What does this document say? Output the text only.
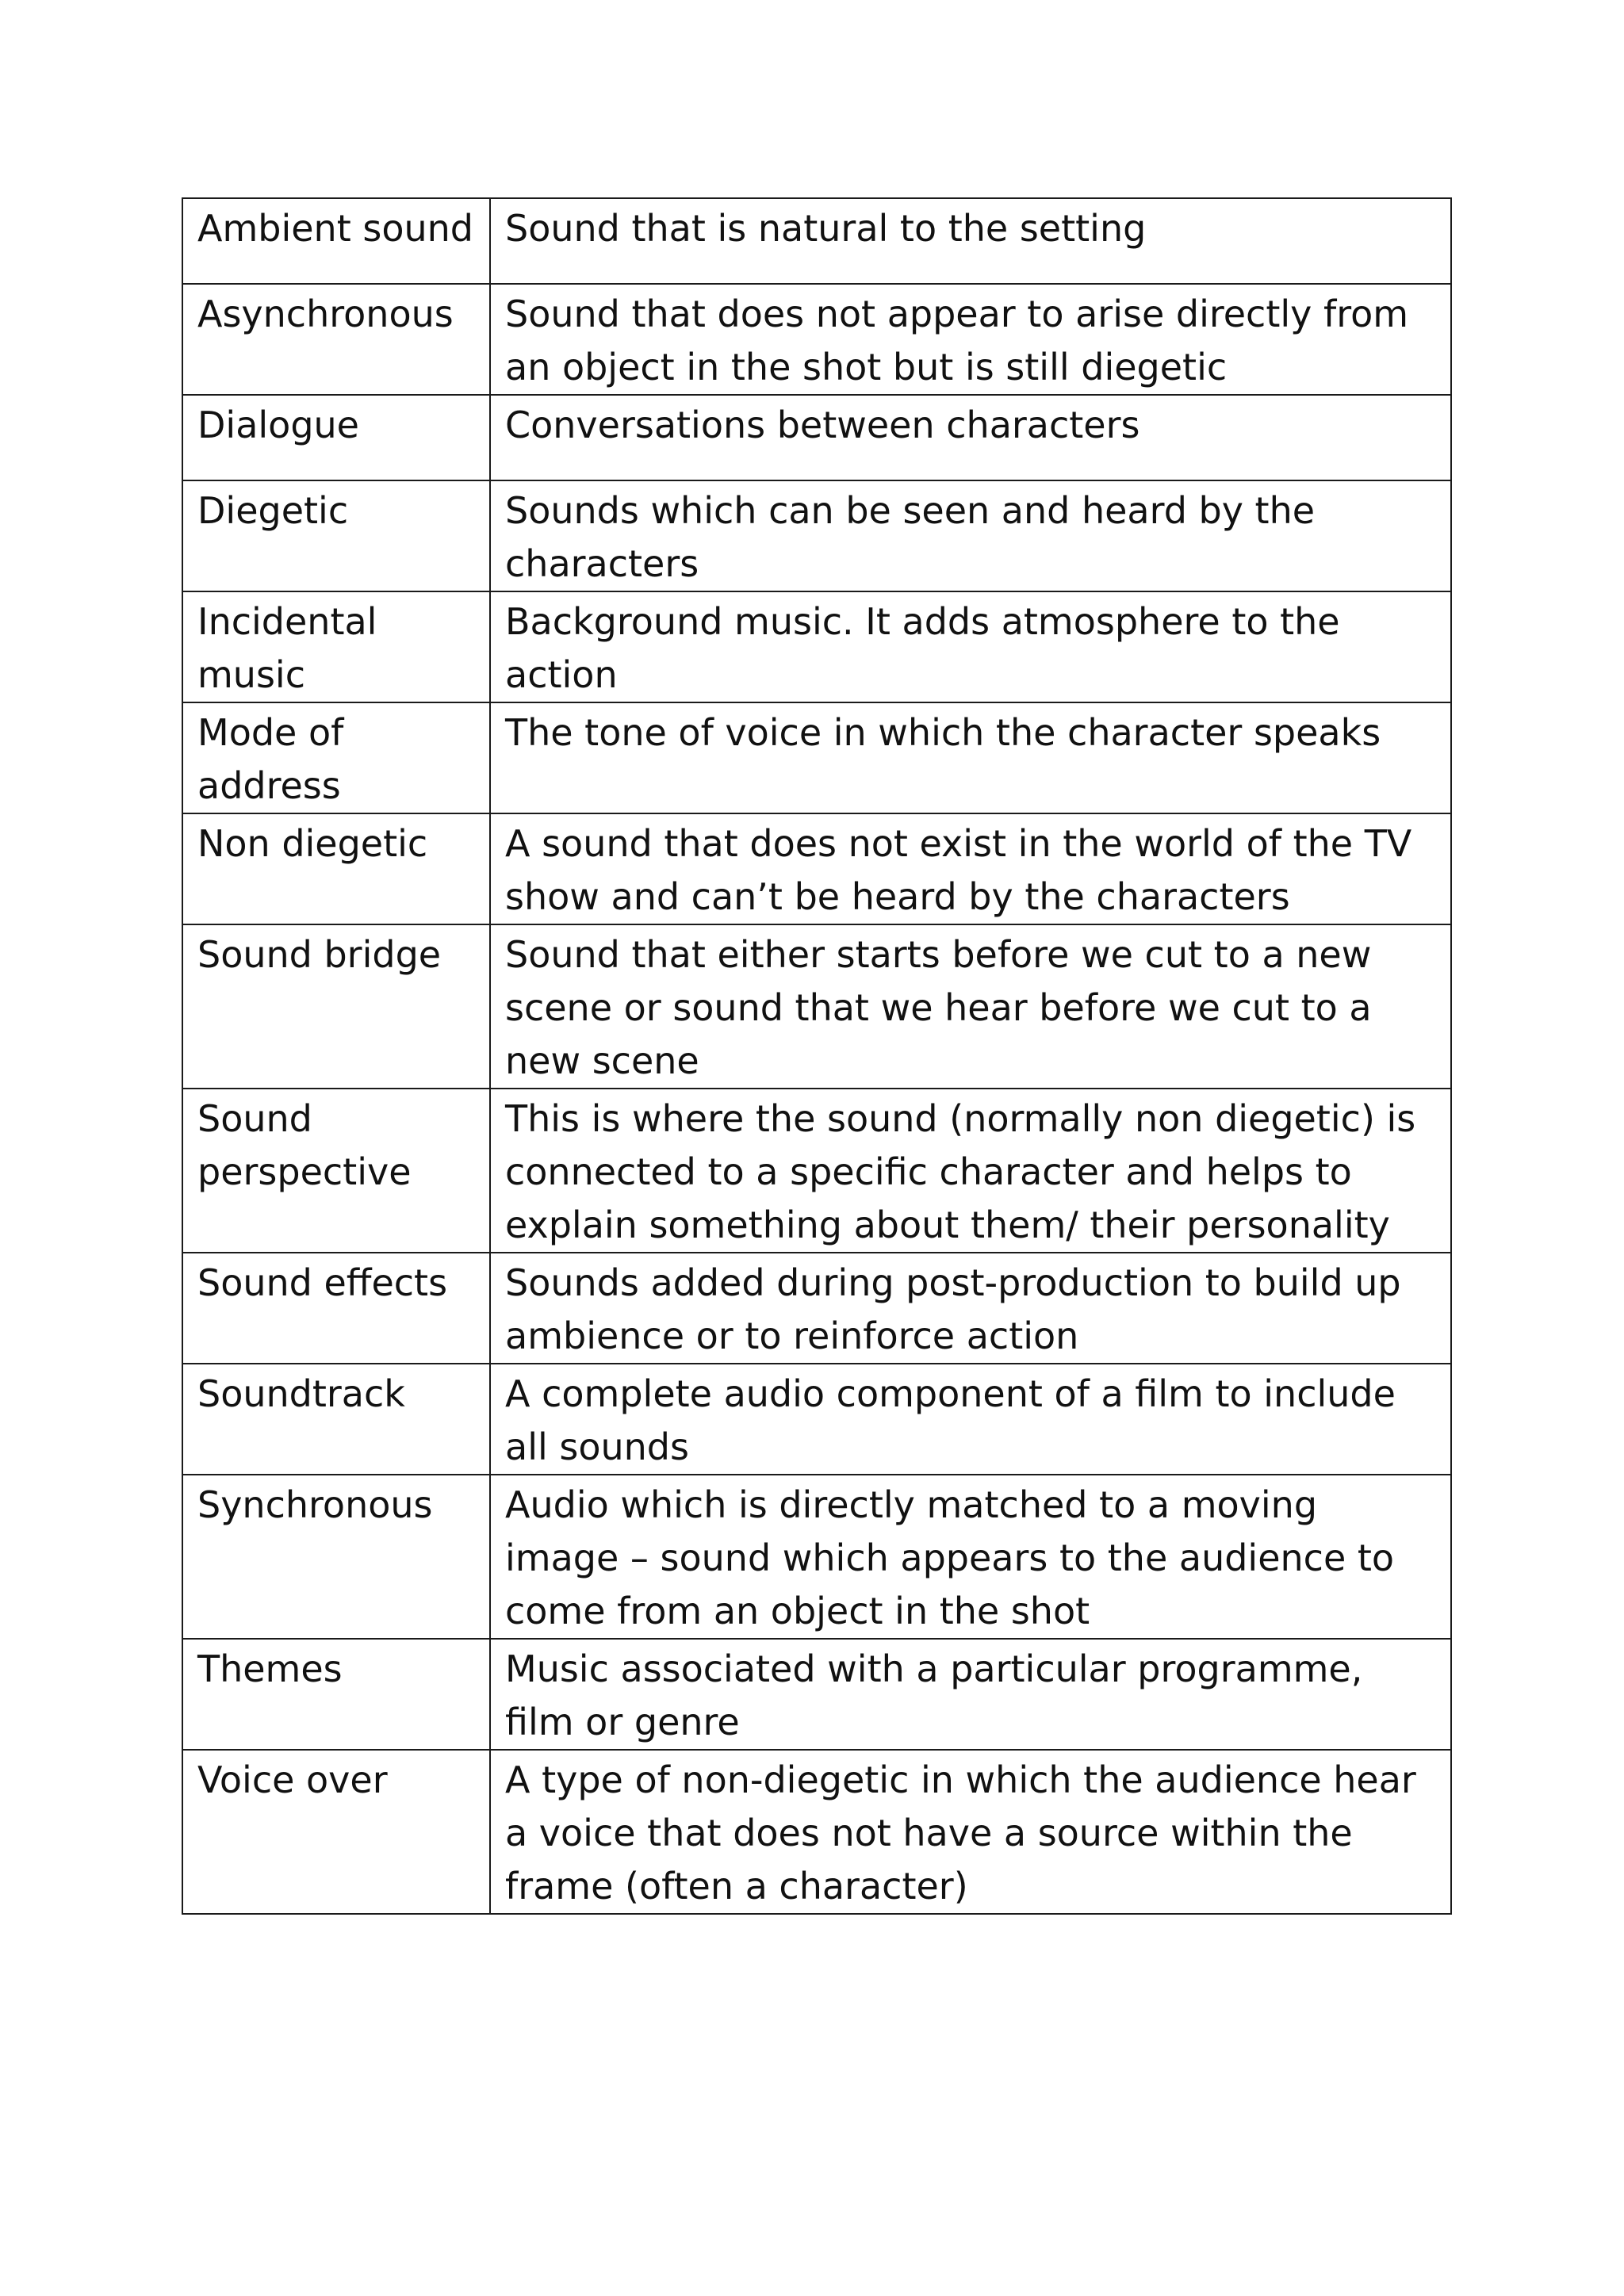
Ambient sound	Sound that is natural to the setting
Asynchronous	Sound that does not appear to arise directly from an object in the shot but is still diegetic
Dialogue	Conversations between characters
Diegetic	Sounds which can be seen and heard by the characters
Incidental music	Background music. It adds atmosphere to the action
Mode of address	The tone of voice in which the character speaks
Non diegetic	A sound that does not exist in the world of the TV show and can’t be heard by the characters
Sound bridge	Sound that either starts before we cut to a new scene or sound that we hear before we cut to a new scene
Sound perspective	This is where the sound (normally non diegetic) is connected to a specific character and helps to explain something about them/ their personality
Sound effects	Sounds added during post-production to build up ambience or to reinforce action
Soundtrack	A complete audio component of a film to include all sounds
Synchronous	Audio which is directly matched to a moving image – sound which appears to the audience to come from an object in the shot
Themes	Music associated with a particular programme, film or genre
Voice over	A type of non-diegetic in which the audience hear a voice that does not have a source within the frame (often a character)
